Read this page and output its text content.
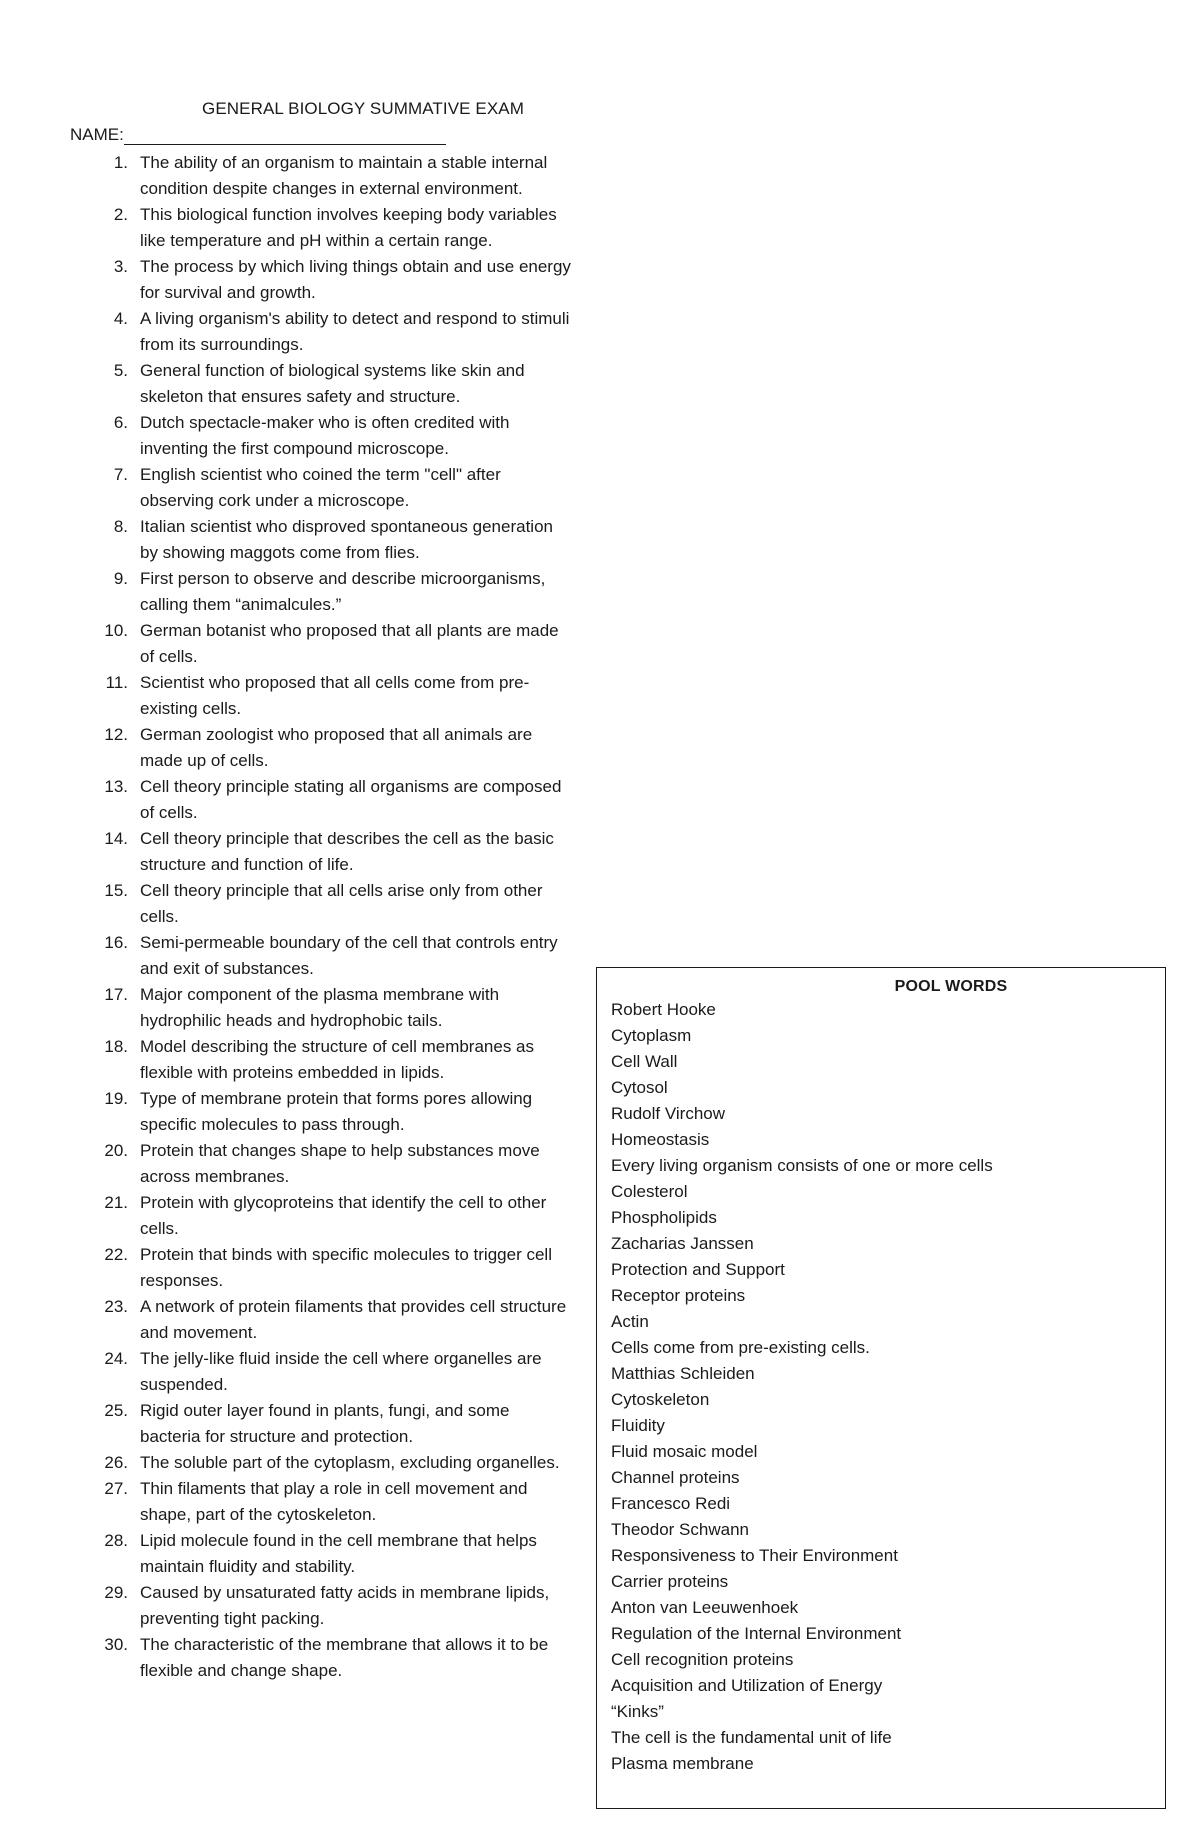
GENERAL BIOLOGY SUMMATIVE EXAM
NAME:
1. The ability of an organism to maintain a stable internal condition despite changes in external environment.
2. This biological function involves keeping body variables like temperature and pH within a certain range.
3. The process by which living things obtain and use energy for survival and growth.
4. A living organism's ability to detect and respond to stimuli from its surroundings.
5. General function of biological systems like skin and skeleton that ensures safety and structure.
6. Dutch spectacle-maker who is often credited with inventing the first compound microscope.
7. English scientist who coined the term "cell" after observing cork under a microscope.
8. Italian scientist who disproved spontaneous generation by showing maggots come from flies.
9. First person to observe and describe microorganisms, calling them “animalcules.”
10. German botanist who proposed that all plants are made of cells.
11. Scientist who proposed that all cells come from pre-existing cells.
12. German zoologist who proposed that all animals are made up of cells.
13. Cell theory principle stating all organisms are composed of cells.
14. Cell theory principle that describes the cell as the basic structure and function of life.
15. Cell theory principle that all cells arise only from other cells.
16. Semi-permeable boundary of the cell that controls entry and exit of substances.
17. Major component of the plasma membrane with hydrophilic heads and hydrophobic tails.
18. Model describing the structure of cell membranes as flexible with proteins embedded in lipids.
19. Type of membrane protein that forms pores allowing specific molecules to pass through.
20. Protein that changes shape to help substances move across membranes.
21. Protein with glycoproteins that identify the cell to other cells.
22. Protein that binds with specific molecules to trigger cell responses.
23. A network of protein filaments that provides cell structure and movement.
24. The jelly-like fluid inside the cell where organelles are suspended.
25. Rigid outer layer found in plants, fungi, and some bacteria for structure and protection.
26. The soluble part of the cytoplasm, excluding organelles.
27. Thin filaments that play a role in cell movement and shape, part of the cytoskeleton.
28. Lipid molecule found in the cell membrane that helps maintain fluidity and stability.
29. Caused by unsaturated fatty acids in membrane lipids, preventing tight packing.
30. The characteristic of the membrane that allows it to be flexible and change shape.
POOL WORDS
Robert Hooke
Cytoplasm
Cell Wall
Cytosol
Rudolf Virchow
Homeostasis
Every living organism consists of one or more cells
Colesterol
Phospholipids
Zacharias Janssen
Protection and Support
Receptor proteins
Actin
Cells come from pre-existing cells.
Matthias Schleiden
Cytoskeleton
Fluidity
Fluid mosaic model
Channel proteins
Francesco Redi
Theodor Schwann
Responsiveness to Their Environment
Carrier proteins
Anton van Leeuwenhoek
Regulation of the Internal Environment
Cell recognition proteins
Acquisition and Utilization of Energy
“Kinks”
The cell is the fundamental unit of life
Plasma membrane
